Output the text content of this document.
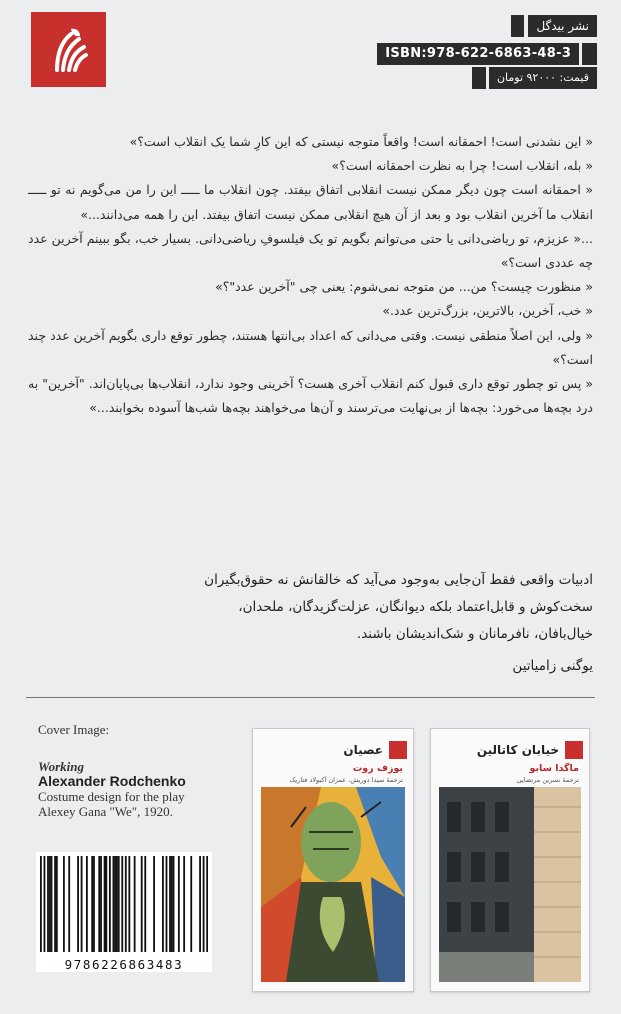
نشر بیدگل
ISBN:978-622-6863-48-3

قیمت: ۹۲۰۰۰ تومان

« این نشدنی است! احمقانه است! واقعاً متوجه نیستی که این کارِ شما یک انقلاب است؟»

« بله، انقلاب است! چرا به نظرت احمقانه است؟»

« احمقانه است چون دیگر ممکن نیست انقلابی اتفاق بیفتد. چون انقلاب ما ـــــ این را من می‌گویم نه تو ـــــ انقلاب ما آخرین انقلاب بود و بعد از آن هیچ انقلابی ممکن نیست اتفاق بیفتد. این را همه می‌دانند...»

...« عزیزم، تو ریاضی‌دانی یا حتی می‌توانم بگویم تو یک فیلسوفِ ریاضی‌دانی. بسیار خب، بگو ببینم آخرین عدد چه عددی است؟»

« منظورت چیست؟ من... من متوجه نمی‌شوم: یعنی چی "آخرین عدد"؟»

« خب، آخرین، بالاترین، بزرگ‌ترین عدد.»

« ولی، این اصلاً منطقی نیست. وقتی می‌دانی که اعداد بی‌انتها هستند، چطور توقع داری بگویم آخرین عدد چند است؟»

« پس تو چطور توقع داری قبول کنم انقلاب آخری هست؟ آخرینی وجود ندارد، انقلاب‌ها بی‌پایان‌اند. "آخرین" به درد بچه‌ها می‌خورد: بچه‌ها از بی‌نهایت می‌ترسند و آن‌ها می‌خواهند بچه‌ها شب‌ها آسوده بخوابند...»

ادبیات واقعی فقط آن‌جایی به‌وجود می‌آید که خالقانش نه حقوق‌بگیران

سخت‌کوش و قابل‌اعتماد بلکه دیوانگان، عزلت‌گزیدگان، ملحدان،

خیال‌بافان، نافرمانان و شک‌اندیشان باشند.

یوگنی زامیاتین
Cover Image:
Working
Alexander Rodchenko
Costume design for the play
Alexey Gana "We", 1920.
9786226863483
عصیان
یوزف روت
ترجمهٔ سیدا دوریش، عمران آکبولاد فتاریک
خیابان کاتالین
ماگدا سابو
ترجمهٔ نسرین مرتضایی
